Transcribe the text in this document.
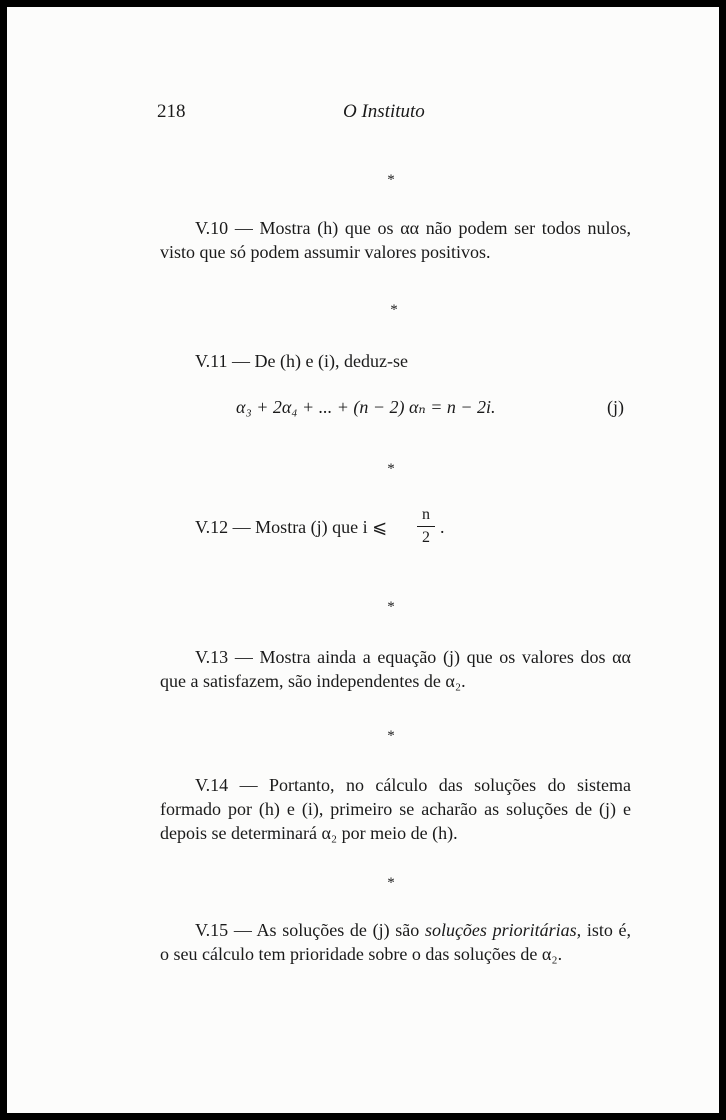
218	O Instituto
*

V.10 — Mostra (h) que os αα não podem ser todos nulos, visto que só podem assumir valores positivos.

*

V.11 — De (h) e (i), deduz-se

α₃ + 2α₄ + ... + (n − 2) αₙ = n − 2i.	(j)
*
V.12 — Mostra (j) que i ⩽
n
2
.
*

V.13 — Mostra ainda a equação (j) que os valores dos αα que a satisfazem, são independentes de α₂.

*

V.14 — Portanto, no cálculo das soluções do sistema formado por (h) e (i), primeiro se acharão as soluções de (j) e depois se determinará α₂ por meio de (h).

*

V.15 — As soluções de (j) são soluções prioritárias, isto é, o seu cálculo tem prioridade sobre o das soluções de α₂.
